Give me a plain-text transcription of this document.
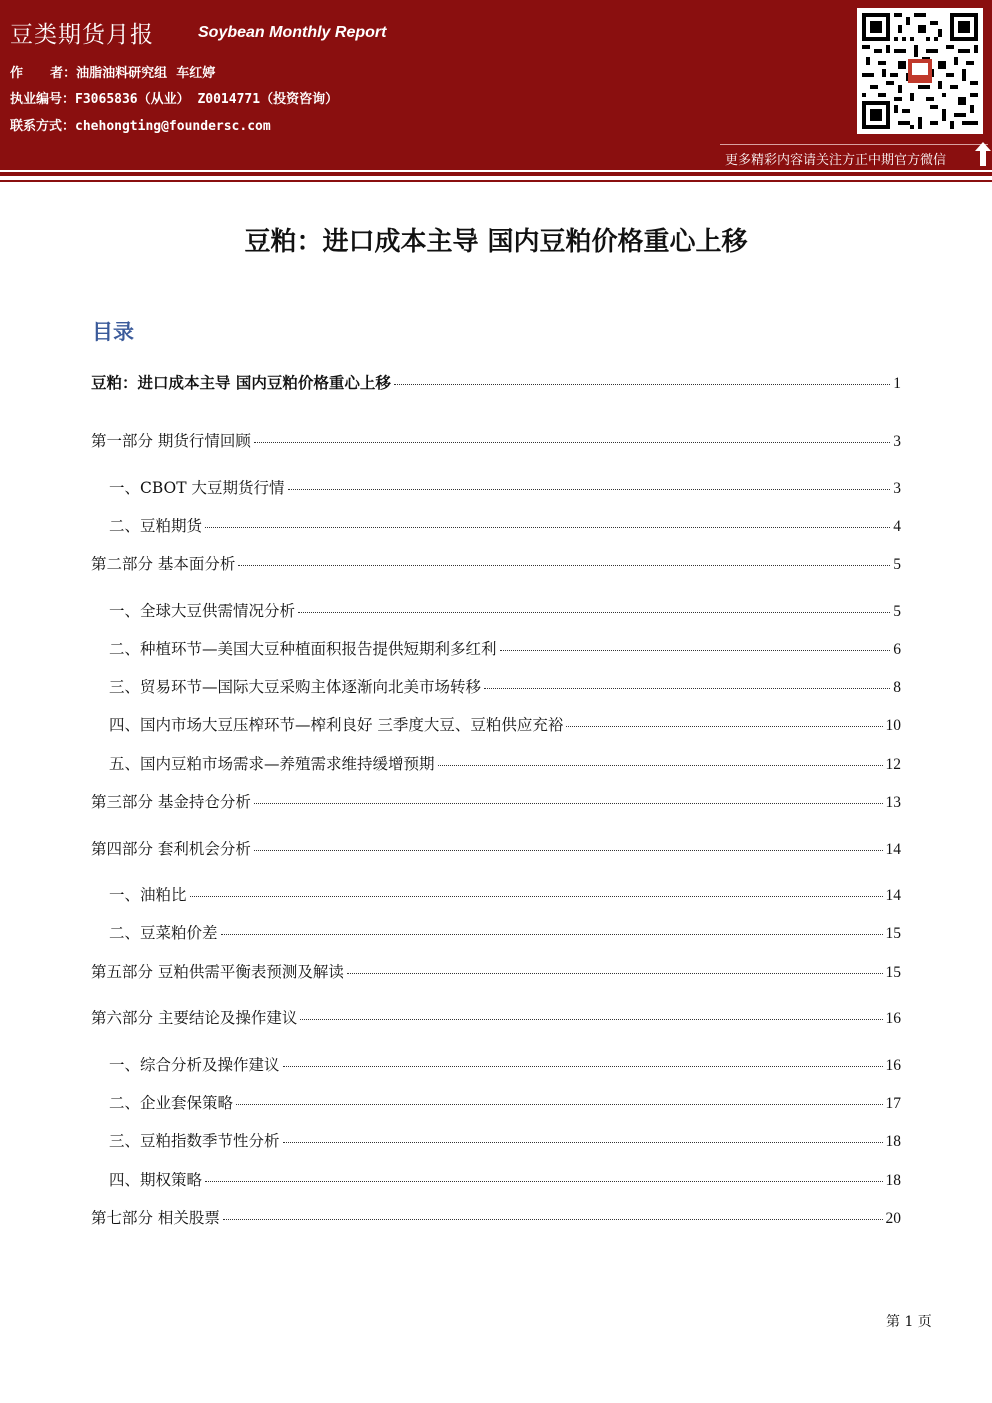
豆类期货月报	Soybean Monthly Report
作      者：油脂油料研究组  车红婷
执业编号：F3065836（从业） Z0014771（投资咨询）
联系方式：chehongting@foundersc.com
更多精彩内容请关注方正中期官方微信
豆粕：进口成本主导 国内豆粕价格重心上移
目录
豆粕：进口成本主导 国内豆粕价格重心上移	1
第一部分 期货行情回顾	3
一、CBOT 大豆期货行情	3
二、豆粕期货	4
第二部分 基本面分析	5
一、全球大豆供需情况分析	5
二、种植环节—美国大豆种植面积报告提供短期利多红利	6
三、贸易环节—国际大豆采购主体逐渐向北美市场转移	8
四、国内市场大豆压榨环节—榨利良好 三季度大豆、豆粕供应充裕	10
五、国内豆粕市场需求—养殖需求维持缓增预期	12
第三部分 基金持仓分析	13
第四部分 套利机会分析	14
一、油粕比	14
二、豆菜粕价差	15
第五部分 豆粕供需平衡表预测及解读	15
第六部分 主要结论及操作建议	16
一、综合分析及操作建议	16
二、企业套保策略	17
三、豆粕指数季节性分析	18
四、期权策略	18
第七部分 相关股票	20
第 1 页
